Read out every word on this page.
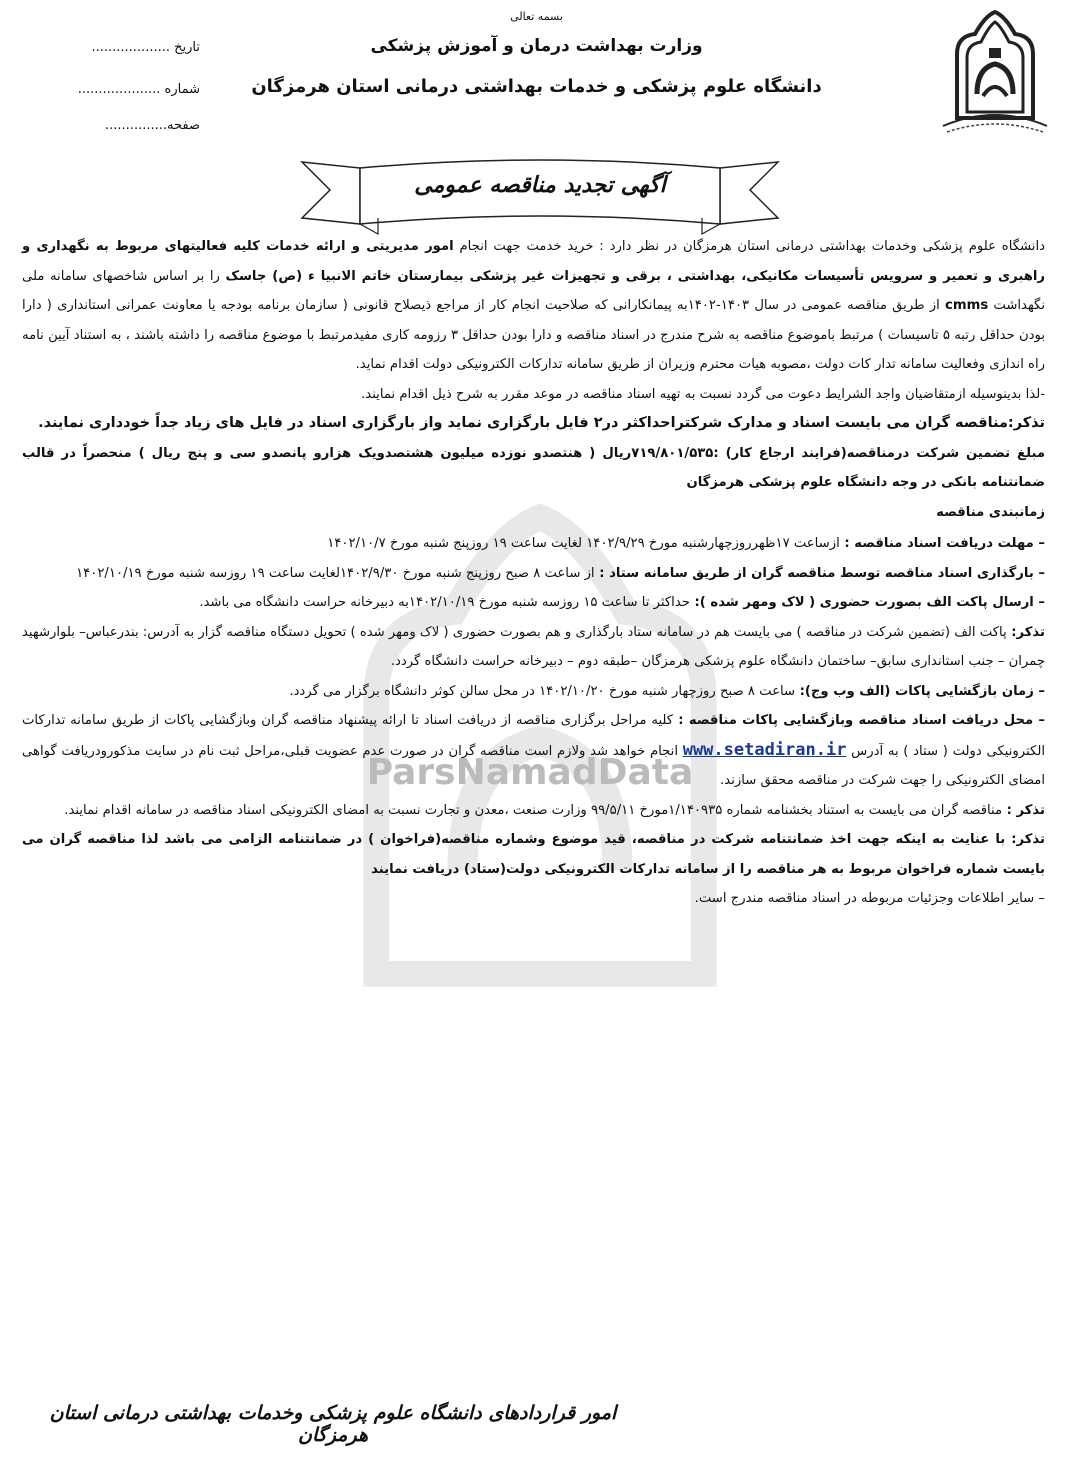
بسمه تعالی
وزارت بهداشت درمان و آموزش پزشکی
دانشگاه علوم پزشکی و خدمات بهداشتی درمانی استان هرمزگان
تاریخ ...................
شماره ....................
صفحه...............
آگهی تجدید مناقصه عمومی
ParsNamadData

دانشگاه علوم پزشکی وخدمات بهداشتی درمانی استان هرمزگان در نظر دارد : خرید خدمت جهت انجام امور مدیریتی و ارائه خدمات کلیه فعالیتهای مربوط به نگهداری و راهبری و تعمیر و سرویس تأسیسات مکانیکی، بهداشتی ، برقی و تجهیزات غیر پزشکی بیمارستان خاتم الانبیا ء (ص) جاسک را بر اساس شاخصهای سامانه ملی نگهداشت cmms از طریق مناقصه عمومی در سال ۱۴۰۳-۱۴۰۲به پیمانکارانی که صلاحیت انجام کار از مراجع ذیصلاح قانونی ( سازمان برنامه بودجه یا معاونت عمرانی استانداری ( دارا بودن حداقل رتبه ۵ تاسیسات ) مرتبط باموضوع مناقصه به شرح مندرج در اسناد مناقصه و دارا بودن حداقل ۳ رزومه کاری مفیدمرتبط با موضوع مناقصه را داشته باشند ، به استناد آیین نامه راه اندازی وفعالیت سامانه تدار کات دولت ،مصوبه هیات محترم وزیران از طریق سامانه تدارکات الکترونیکی دولت اقدام نماید.

-لذا بدینوسیله ازمتقاضیان واجد الشرایط دعوت می گردد نسبت به تهیه اسناد مناقصه در موعد مقرر به شرح ذیل اقدام نمایند.

تذکر:مناقصه گران می بایست اسناد و مدارک شرکتراحداکثر در۲ فایل بارگزاری نماید واز بارگزاری اسناد در فایل های زیاد جداً خودداری نمایند.

مبلغ تضمین شرکت درمناقصه(فرایند ارجاع کار) :۷۱۹/۸۰۱/۵۳۵ریال ( هنتصدو نوزده میلیون هشتصدویک هزارو پانصدو سی و پنج ریال ) منحصراً در قالب ضمانتنامه بانکی در وجه دانشگاه علوم پزشکی هرمزگان

زمانبندی مناقصه

– مهلت دریافت اسناد مناقصه : ازساعت ۱۷ظهرروزچهارشنبه مورخ ۱۴۰۲/۹/۲۹ لغایت ساعت ۱۹ روزپنج شنبه مورخ ۱۴۰۲/۱۰/۷

– بارگذاری اسناد مناقصه توسط مناقصه گران از طریق سامانه ستاد : از ساعت ۸ صبح روزپنج شنبه مورخ ۱۴۰۲/۹/۳۰لغایت ساعت ۱۹ روزسه شنبه مورخ ۱۴۰۲/۱۰/۱۹

– ارسال پاکت الف بصورت حضوری ( لاک ومهر شده ): حداکثر تا ساعت ۱۵ روزسه شنبه مورخ ۱۴۰۲/۱۰/۱۹به دبیرخانه حراست دانشگاه می باشد.

تذکر: پاکت الف (تضمین شرکت در مناقصه ) می بایست هم در سامانه ستاد بارگذاری و هم بصورت حضوری ( لاک ومهر شده ) تحویل دستگاه مناقصه گزار به آدرس: بندرعباس– بلوارشهید چمران – جنب استانداری سابق– ساختمان دانشگاه علوم پزشکی هرمزگان –طبقه دوم – دبیرخانه حراست دانشگاه گردد.

– زمان بازگشایی پاکات (الف وب وج): ساعت ۸ صبح روزچهار شنبه مورخ ۱۴۰۲/۱۰/۲۰ در محل سالن کوثر دانشگاه برگزار می گردد.

– محل دریافت اسناد مناقصه وبازگشایی پاکات مناقصه : کلیه مراحل برگزاری مناقصه از دریافت اسناد تا ارائه پیشنهاد مناقصه گران وبازگشایی پاکات از طریق سامانه تدارکات الکترونیکی دولت ( ستاد ) به آدرس www.setadiran.ir انجام خواهد شد ولازم است مناقصه گران در صورت عدم عضویت قبلی،مراحل ثبت نام در سایت مذکورودریافت گواهی امضای الکترونیکی را جهت شرکت در مناقصه محقق سازند.

تذکر : مناقصه گران می بایست به استناد بخشنامه شماره ۱/۱۴۰۹۳۵مورخ ۹۹/۵/۱۱ وزارت صنعت ،معدن و تجارت نسبت به امضای الکترونیکی اسناد مناقصه در سامانه اقدام نمایند.

تذکر: با عنایت به اینکه جهت اخذ ضمانتنامه شرکت در مناقصه، قید موضوع وشماره مناقصه(فراخوان ) در ضمانتنامه الزامی می باشد لذا مناقصه گران می بایست شماره فراخوان مربوط به هر مناقصه را از سامانه تدارکات الکترونیکی دولت(ستاد) دریافت نمایند

– سایر اطلاعات وجزئیات مربوطه در اسناد مناقصه مندرج است.

امور قراردادهای دانشگاه علوم پزشکی وخدمات بهداشتی درمانی استان هرمزگان
